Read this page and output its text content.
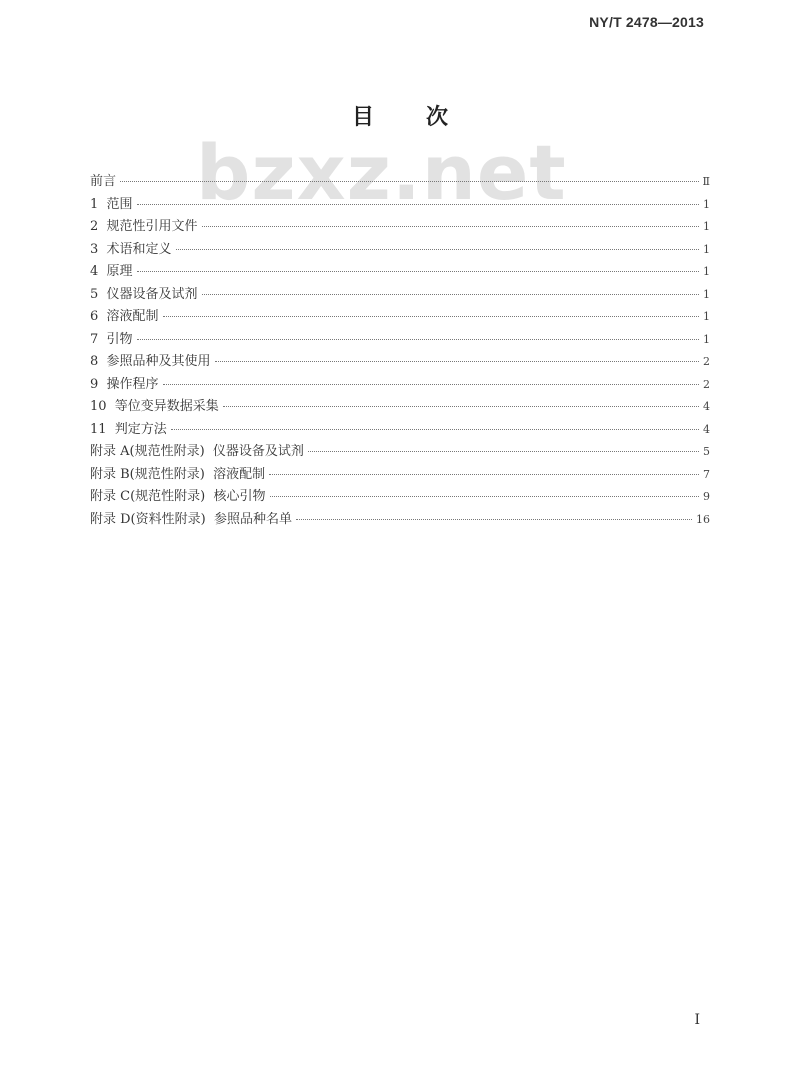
NY/T 2478—2013
bzxz.net
目次
前言	Ⅱ
1  范围	1
2  规范性引用文件	1
3  术语和定义	1
4  原理	1
5  仪器设备及试剂	1
6  溶液配制	1
7  引物	1
8  参照品种及其使用	2
9  操作程序	2
10  等位变异数据采集	4
11  判定方法	4
附录 A(规范性附录)  仪器设备及试剂	5
附录 B(规范性附录)  溶液配制	7
附录 C(规范性附录)  核心引物	9
附录 D(资料性附录)  参照品种名单	16
I
